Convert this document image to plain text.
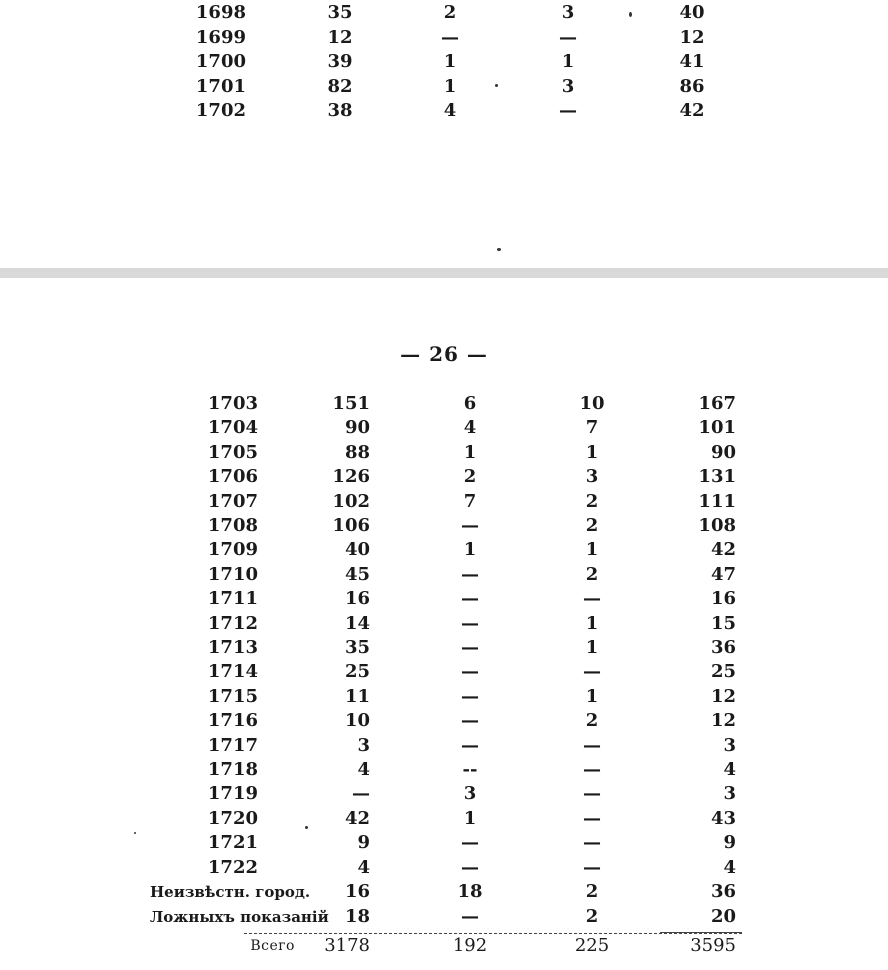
1698	35	2	3	40
1699	12	—	—	12
1700	39	1	1	41
1701	82	1	3	86
1702	38	4	—	42
— 26 —
1703	151	6	10	167
1704	90	4	7	101
1705	88	1	1	90
1706	126	2	3	131
1707	102	7	2	111
1708	106	—	2	108
1709	40	1	1	42
1710	45	—	2	47
1711	16	—	—	16
1712	14	—	1	15
1713	35	—	1	36
1714	25	—	—	25
1715	11	—	1	12
1716	10	—	2	12
1717	3	—	—	3
1718	4	--	—	4
1719	—	3	—	3
1720	42	1	—	43
1721	9	—	—	9
1722	4	—	—	4
Неизвѣстн. город.	16	18	2	36
Ложныхъ показаній 18	—	2	20
Всего 3178	192	225	3595
